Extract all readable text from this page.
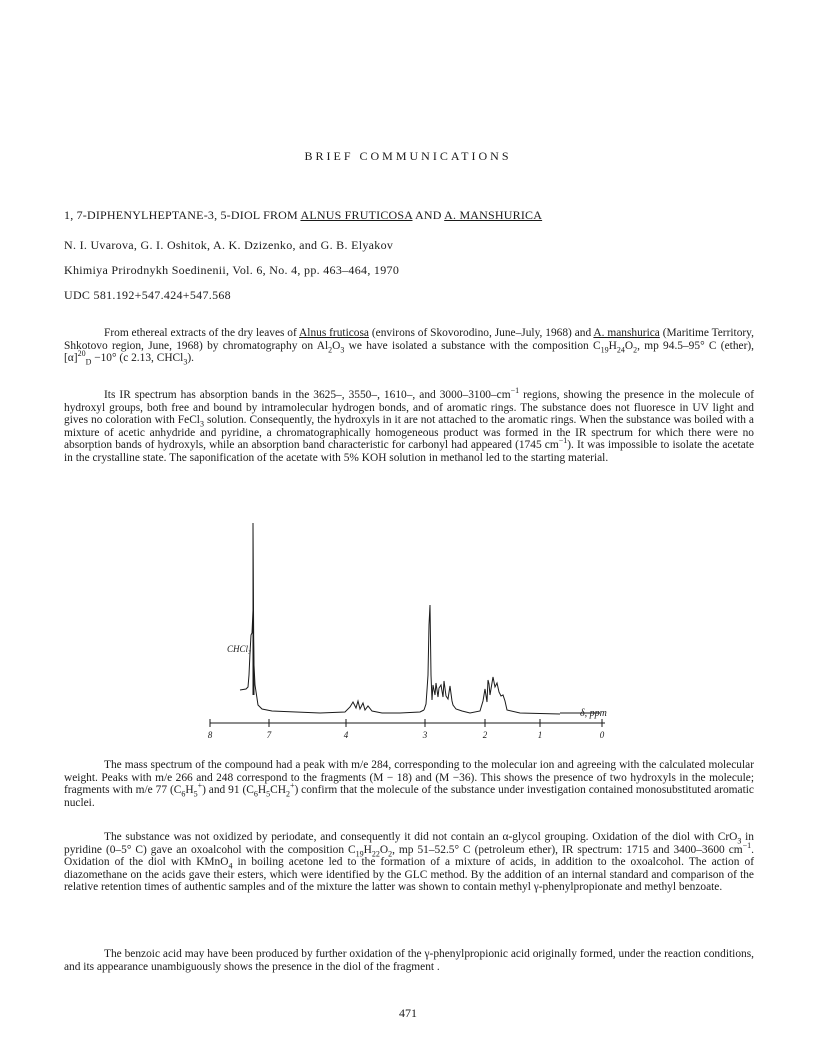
BRIEF COMMUNICATIONS
1, 7-DIPHENYLHEPTANE-3, 5-DIOL FROM ALNUS FRUTICOSA AND A. MANSHURICA
N. I. Uvarova, G. I. Oshitok, A. K. Dzizenko, and G. B. Elyakov
Khimiya Prirodnykh Soedinenii, Vol. 6, No. 4, pp. 463–464, 1970
UDC 581.192+547.424+547.568
From ethereal extracts of the dry leaves of Alnus fruticosa (environs of Skovorodino, June–July, 1968) and A. manshurica (Maritime Territory, Shkotovo region, June, 1968) by chromatography on $Al_2O_3$ we have isolated a substance with the composition $C_{19}H_{24}O_2$, mp 94.5–95° C (ether), $[\alpha]^{20}_D -10^\circ$ (c 2.13, CHCl$_3$).
Its IR spectrum has absorption bands in the 3625–, 3550–, 1610–, and $3000-3100-cm^{-1}$ regions, showing the presence in the molecule of hydroxyl groups, both free and bound by intramolecular hydrogen bonds, and of aromatic rings. The substance does not fluoresce in UV light and gives no coloration with FeCl$_3$ solution. Consequently, the hydroxyls in it are not attached to the aromatic rings. When the substance was boiled with a mixture of acetic anhydride and pyridine, a chromatographically homogeneous product was formed in the IR spectrum for which there were no absorption bands of hydroxyls, while an absorption band characteristic for carbonyl had appeared (1745 $cm^{-1}$). It was impossible to isolate the acetate in the crystalline state. The saponification of the acetate with 5% KOH solution in methanol led to the starting material.
8	7	4	3	2	1	0
CHCl₃
δ, ppm
The mass spectrum of the compound had a peak with m/e 284, corresponding to the molecular ion and agreeing with the calculated molecular weight. Peaks with m/e 266 and 248 correspond to the fragments (M − 18) and (M −36). This shows the presence of two hydroxyls in the molecule; fragments with m/e 77 $(C_6H_5^+)$ and 91 $(C_6H_5CH_2^+)$ confirm that the molecule of the substance under investigation contained monosubstituted aromatic nuclei.
The substance was not oxidized by periodate, and consequently it did not contain an α-glycol grouping. Oxidation of the diol with CrO$_3$ in pyridine (0–5° C) gave an oxoalcohol with the composition $C_{19}H_{22}O_2$, mp 51–52.5° C (petroleum ether), IR spectrum: 1715 and 3400–3600 $cm^{-1}$. Oxidation of the diol with KMnO$_4$ in boiling acetone led to the formation of a mixture of acids, in addition to the oxoalcohol. The action of diazomethane on the acids gave their esters, which were identified by the GLC method. By the addition of an internal standard and comparison of the relative retention times of authentic samples and of the mixture the latter was shown to contain methyl γ-phenylpropionate and methyl benzoate.
The benzoic acid may have been produced by further oxidation of the γ-phenylpropionic acid originally formed, under the reaction conditions, and its appearance unambiguously shows the presence in the diol of the fragment .
471
